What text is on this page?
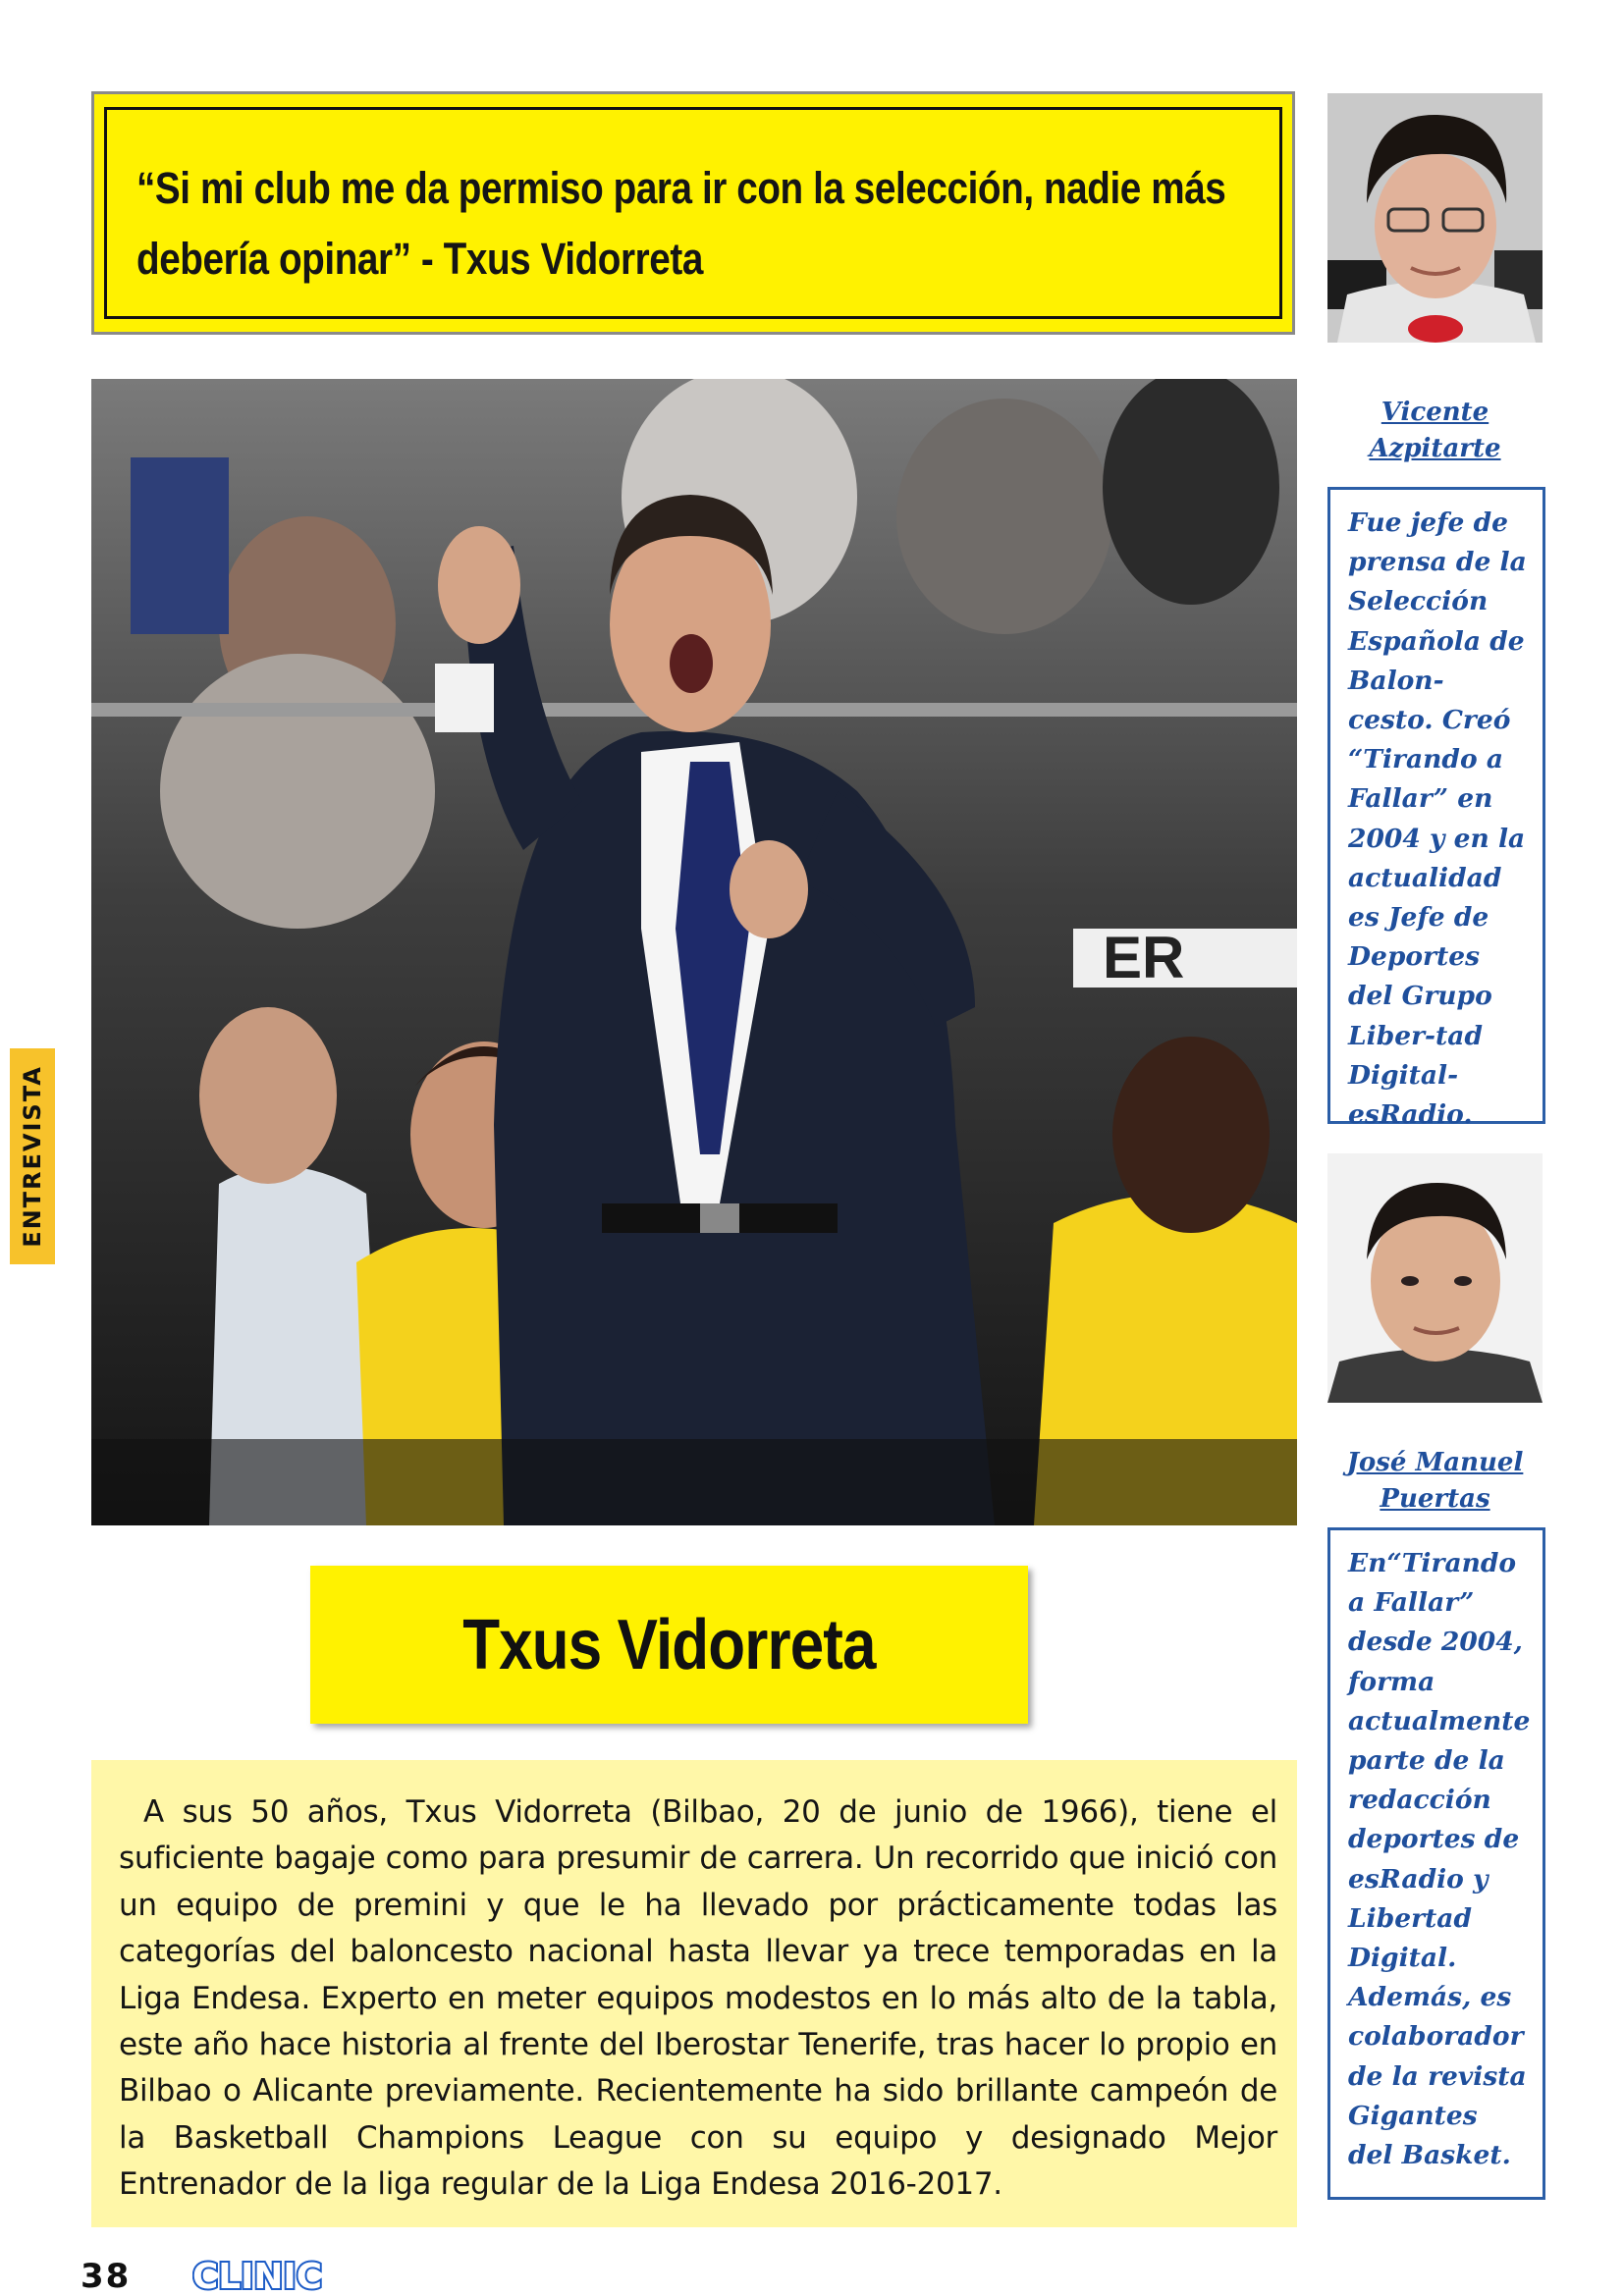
“Si mi club me da permiso para ir con la selección, nadie más debería opinar” - Txus Vidorreta

Vicente Azpitarte

Fue jefe de prensa de la Selección Española de Balon-cesto. Creó “Tirando a Fallar” en 2004 y en la actualidad es Jefe de Deportes del Grupo Liber-tad Digital-esRadio.

José Manuel Puertas

En“Tirando a Fallar” desde 2004, forma actualmente parte de la redacción deportes de esRadio y Libertad Digital. Además, es colaborador de la revista Gigantes del Basket.

ER
Txus Vidorreta

A sus 50 años, Txus Vidorreta (Bilbao, 20 de junio de 1966), tiene el suficiente bagaje como para presumir de carrera. Un recorrido que inició con un equipo de premini y que le ha llevado por prácticamente todas las categorías del baloncesto nacional hasta llevar ya trece temporadas en la Liga Endesa. Experto en meter equipos modestos en lo más alto de la tabla, este año hace historia al frente del Iberostar Tenerife, tras hacer lo propio en Bilbao o Alicante previamente. Recientemente ha sido brillante campeón de la Basketball Champions League con su equipo y designado Mejor Entrenador de la liga regular de la Liga Endesa 2016-2017.

ENTREVISTA
38 CLINIC
